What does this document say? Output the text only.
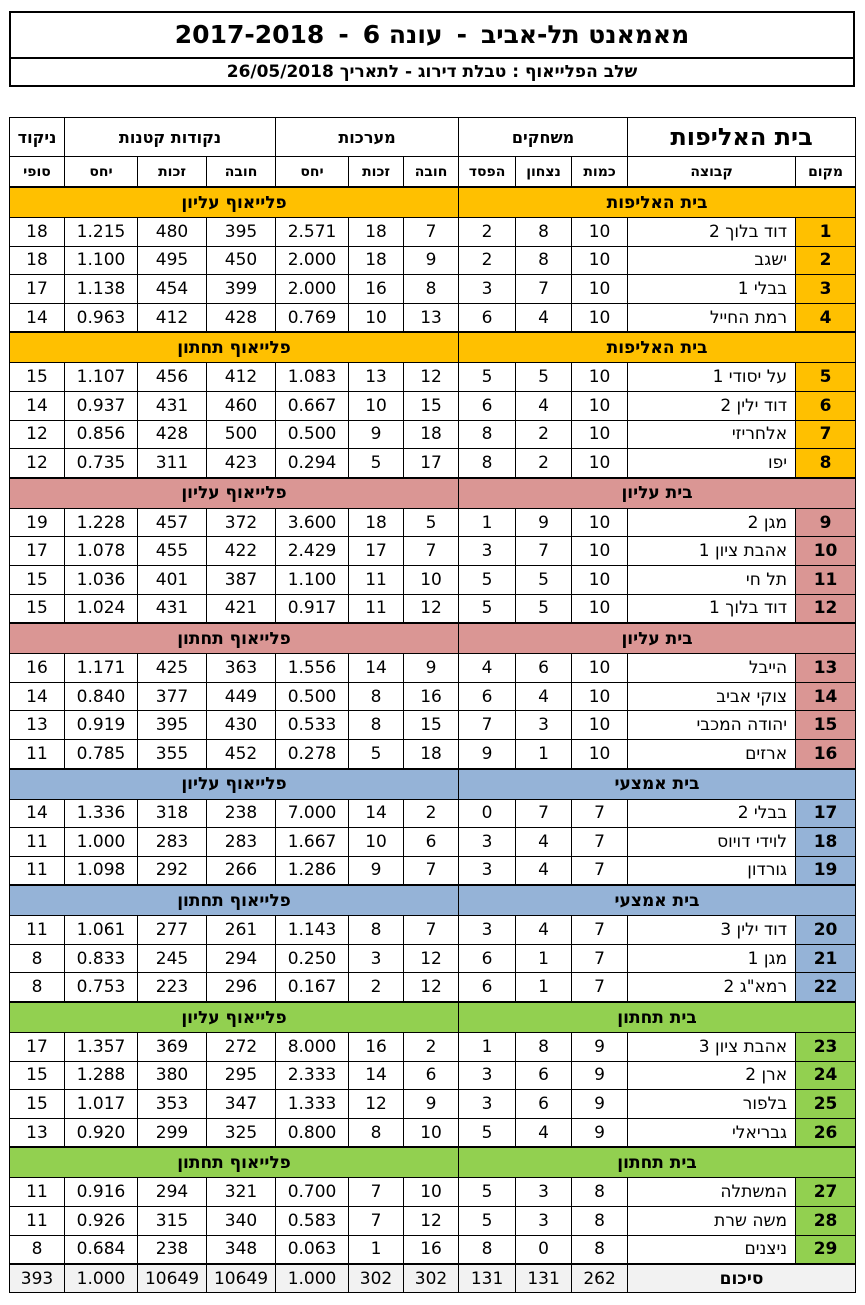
מאמאנט תל-אביב-עונה 6-2017-2018
שלב הפלייאוף : טבלת דירוג - לתאריך 26/05/2018
בית האליפות		משחקים			מערכות			נקודות קטנות			ניקוד
מקום	קבוצה	כמות	נצחון	הפסד	חובה	זכות	יחס	חובה	זכות	יחס	סופי
בית האליפות					פלייאוף עליון						
1	דוד בלוך 2	10	8	2	7	18	2.571	395	480	1.215	18
2	ישגב	10	8	2	9	18	2.000	450	495	1.100	18
3	בבלי 1	10	7	3	8	16	2.000	399	454	1.138	17
4	רמת החייל	10	4	6	13	10	0.769	428	412	0.963	14
בית האליפות					פלייאוף תחתון						
5	על יסודי 1	10	5	5	12	13	1.083	412	456	1.107	15
6	דוד ילין 2	10	4	6	15	10	0.667	460	431	0.937	14
7	אלחריזי	10	2	8	18	9	0.500	500	428	0.856	12
8	יפו	10	2	8	17	5	0.294	423	311	0.735	12
בית עליון					פלייאוף עליון						
9	מגן 2	10	9	1	5	18	3.600	372	457	1.228	19
10	אהבת ציון 1	10	7	3	7	17	2.429	422	455	1.078	17
11	תל חי	10	5	5	10	11	1.100	387	401	1.036	15
12	דוד בלוך 1	10	5	5	12	11	0.917	421	431	1.024	15
בית עליון					פלייאוף תחתון						
13	הייבל	10	6	4	9	14	1.556	363	425	1.171	16
14	צוקי אביב	10	4	6	16	8	0.500	449	377	0.840	14
15	יהודה המכבי	10	3	7	15	8	0.533	430	395	0.919	13
16	ארזים	10	1	9	18	5	0.278	452	355	0.785	11
בית אמצעי					פלייאוף עליון						
17	בבלי 2	7	7	0	2	14	7.000	238	318	1.336	14
18	לוידי דויוס	7	4	3	6	10	1.667	283	283	1.000	11
19	גורדון	7	4	3	7	9	1.286	266	292	1.098	11
בית אמצעי					פלייאוף תחתון						
20	דוד ילין 3	7	4	3	7	8	1.143	261	277	1.061	11
21	מגן 1	7	1	6	12	3	0.250	294	245	0.833	8
22	רמא"ג 2	7	1	6	12	2	0.167	296	223	0.753	8
בית תחתון					פלייאוף עליון						
23	אהבת ציון 3	9	8	1	2	16	8.000	272	369	1.357	17
24	ארן 2	9	6	3	6	14	2.333	295	380	1.288	15
25	בלפור	9	6	3	9	12	1.333	347	353	1.017	15
26	גבריאלי	9	4	5	10	8	0.800	325	299	0.920	13
בית תחתון					פלייאוף תחתון						
27	המשתלה	8	3	5	10	7	0.700	321	294	0.916	11
28	משה שרת	8	3	5	12	7	0.583	340	315	0.926	11
29	ניצנים	8	0	8	16	1	0.063	348	238	0.684	8
סיכום		262	131	131	302	302	1.000	10649	10649	1.000	393
